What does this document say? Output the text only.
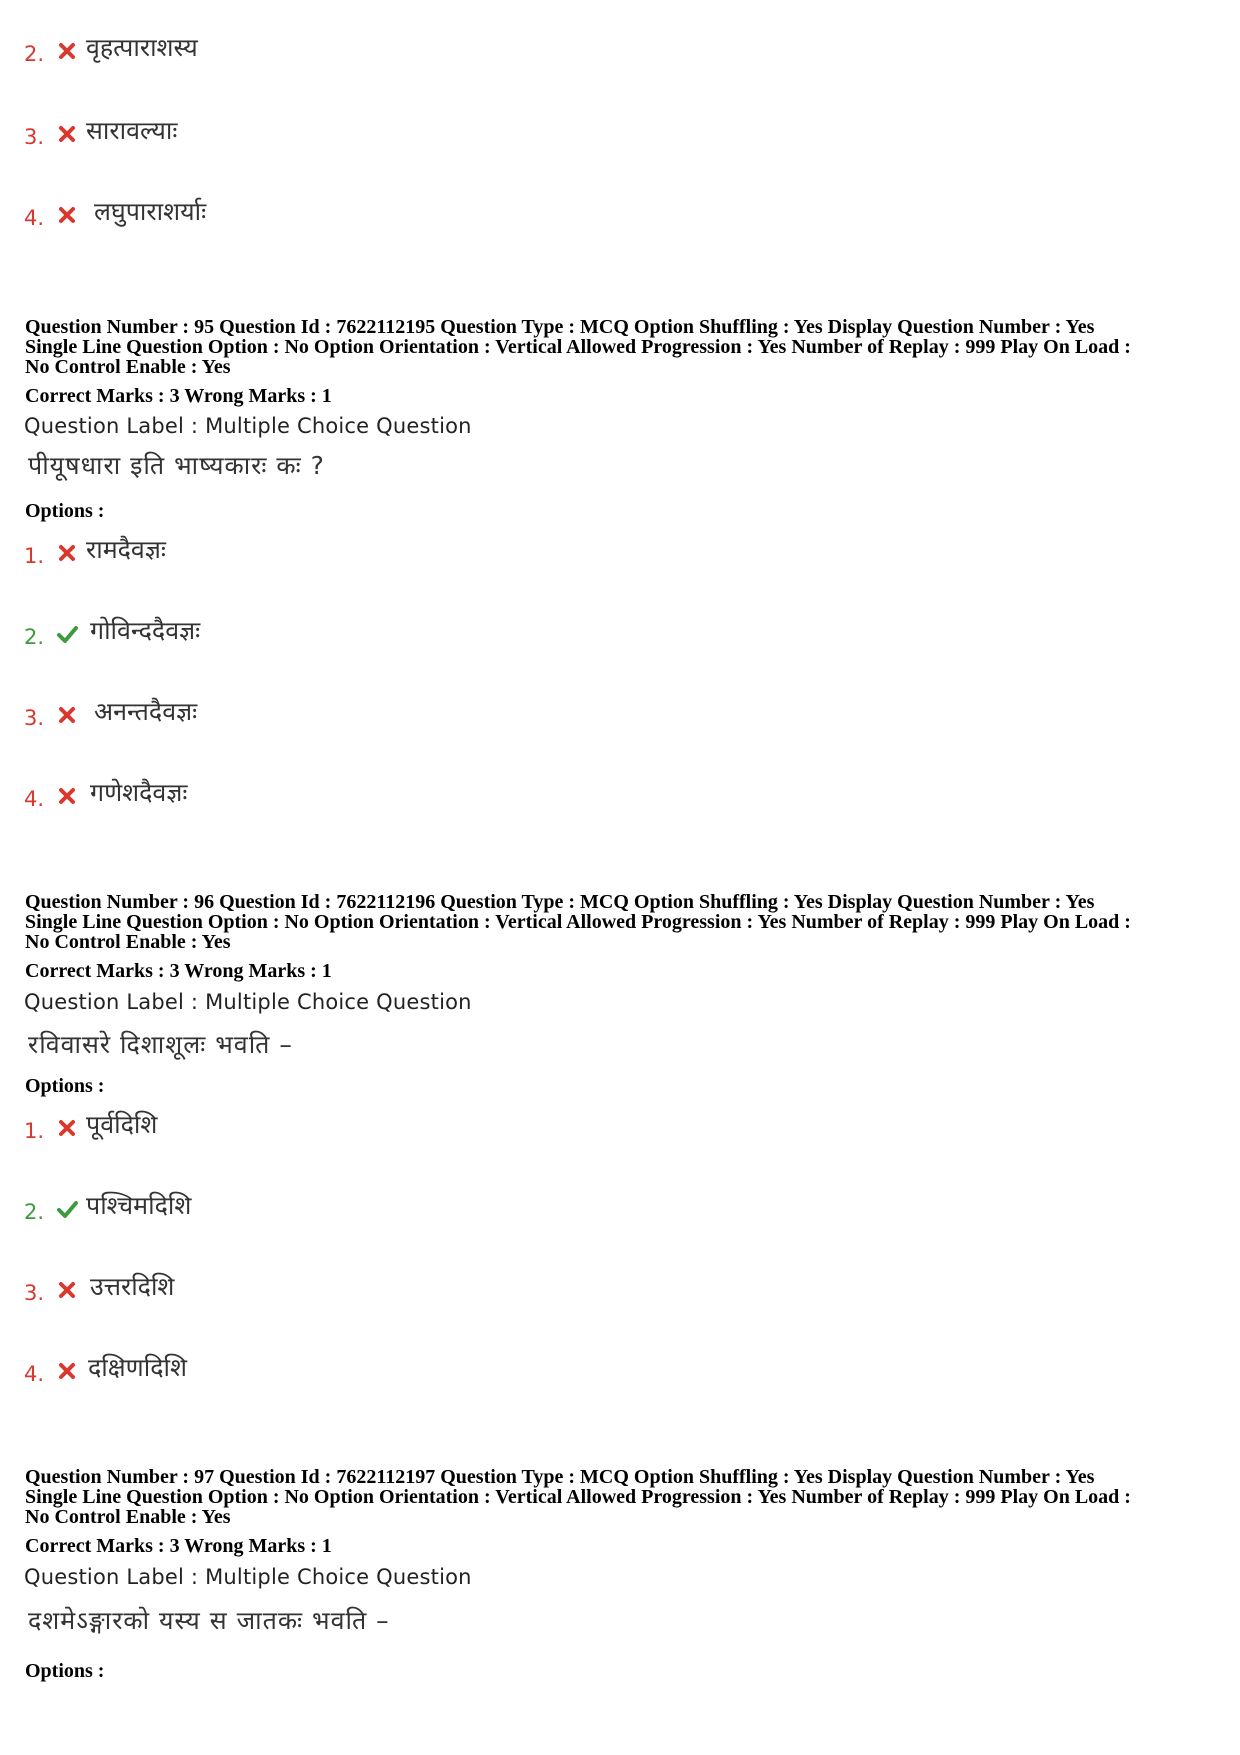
2. वृहत्पाराशस्य
3. सारावल्याः
4. लघुपाराशर्याः
Question Number : 95 Question Id : 7622112195 Question Type : MCQ Option Shuffling : Yes Display Question Number : Yes
Single Line Question Option : No Option Orientation : Vertical Allowed Progression : Yes Number of Replay : 999 Play On Load :
No Control Enable : Yes
Correct Marks : 3 Wrong Marks : 1
Question Label : Multiple Choice Question
पीयूषधारा इति भाष्यकारः कः ?
Options :
1. रामदैवज्ञः
2. गोविन्ददैवज्ञः
3. अनन्तदैवज्ञः
4. गणेशदैवज्ञः
Question Number : 96 Question Id : 7622112196 Question Type : MCQ Option Shuffling : Yes Display Question Number : Yes
Single Line Question Option : No Option Orientation : Vertical Allowed Progression : Yes Number of Replay : 999 Play On Load :
No Control Enable : Yes
Correct Marks : 3 Wrong Marks : 1
Question Label : Multiple Choice Question
रविवासरे दिशाशूलः भवति –
Options :
1. पूर्वदिशि
2. पश्चिमदिशि
3. उत्तरदिशि
4. दक्षिणदिशि
Question Number : 97 Question Id : 7622112197 Question Type : MCQ Option Shuffling : Yes Display Question Number : Yes
Single Line Question Option : No Option Orientation : Vertical Allowed Progression : Yes Number of Replay : 999 Play On Load :
No Control Enable : Yes
Correct Marks : 3 Wrong Marks : 1
Question Label : Multiple Choice Question
दशमेऽङ्गारको यस्य स जातकः भवति –
Options :
